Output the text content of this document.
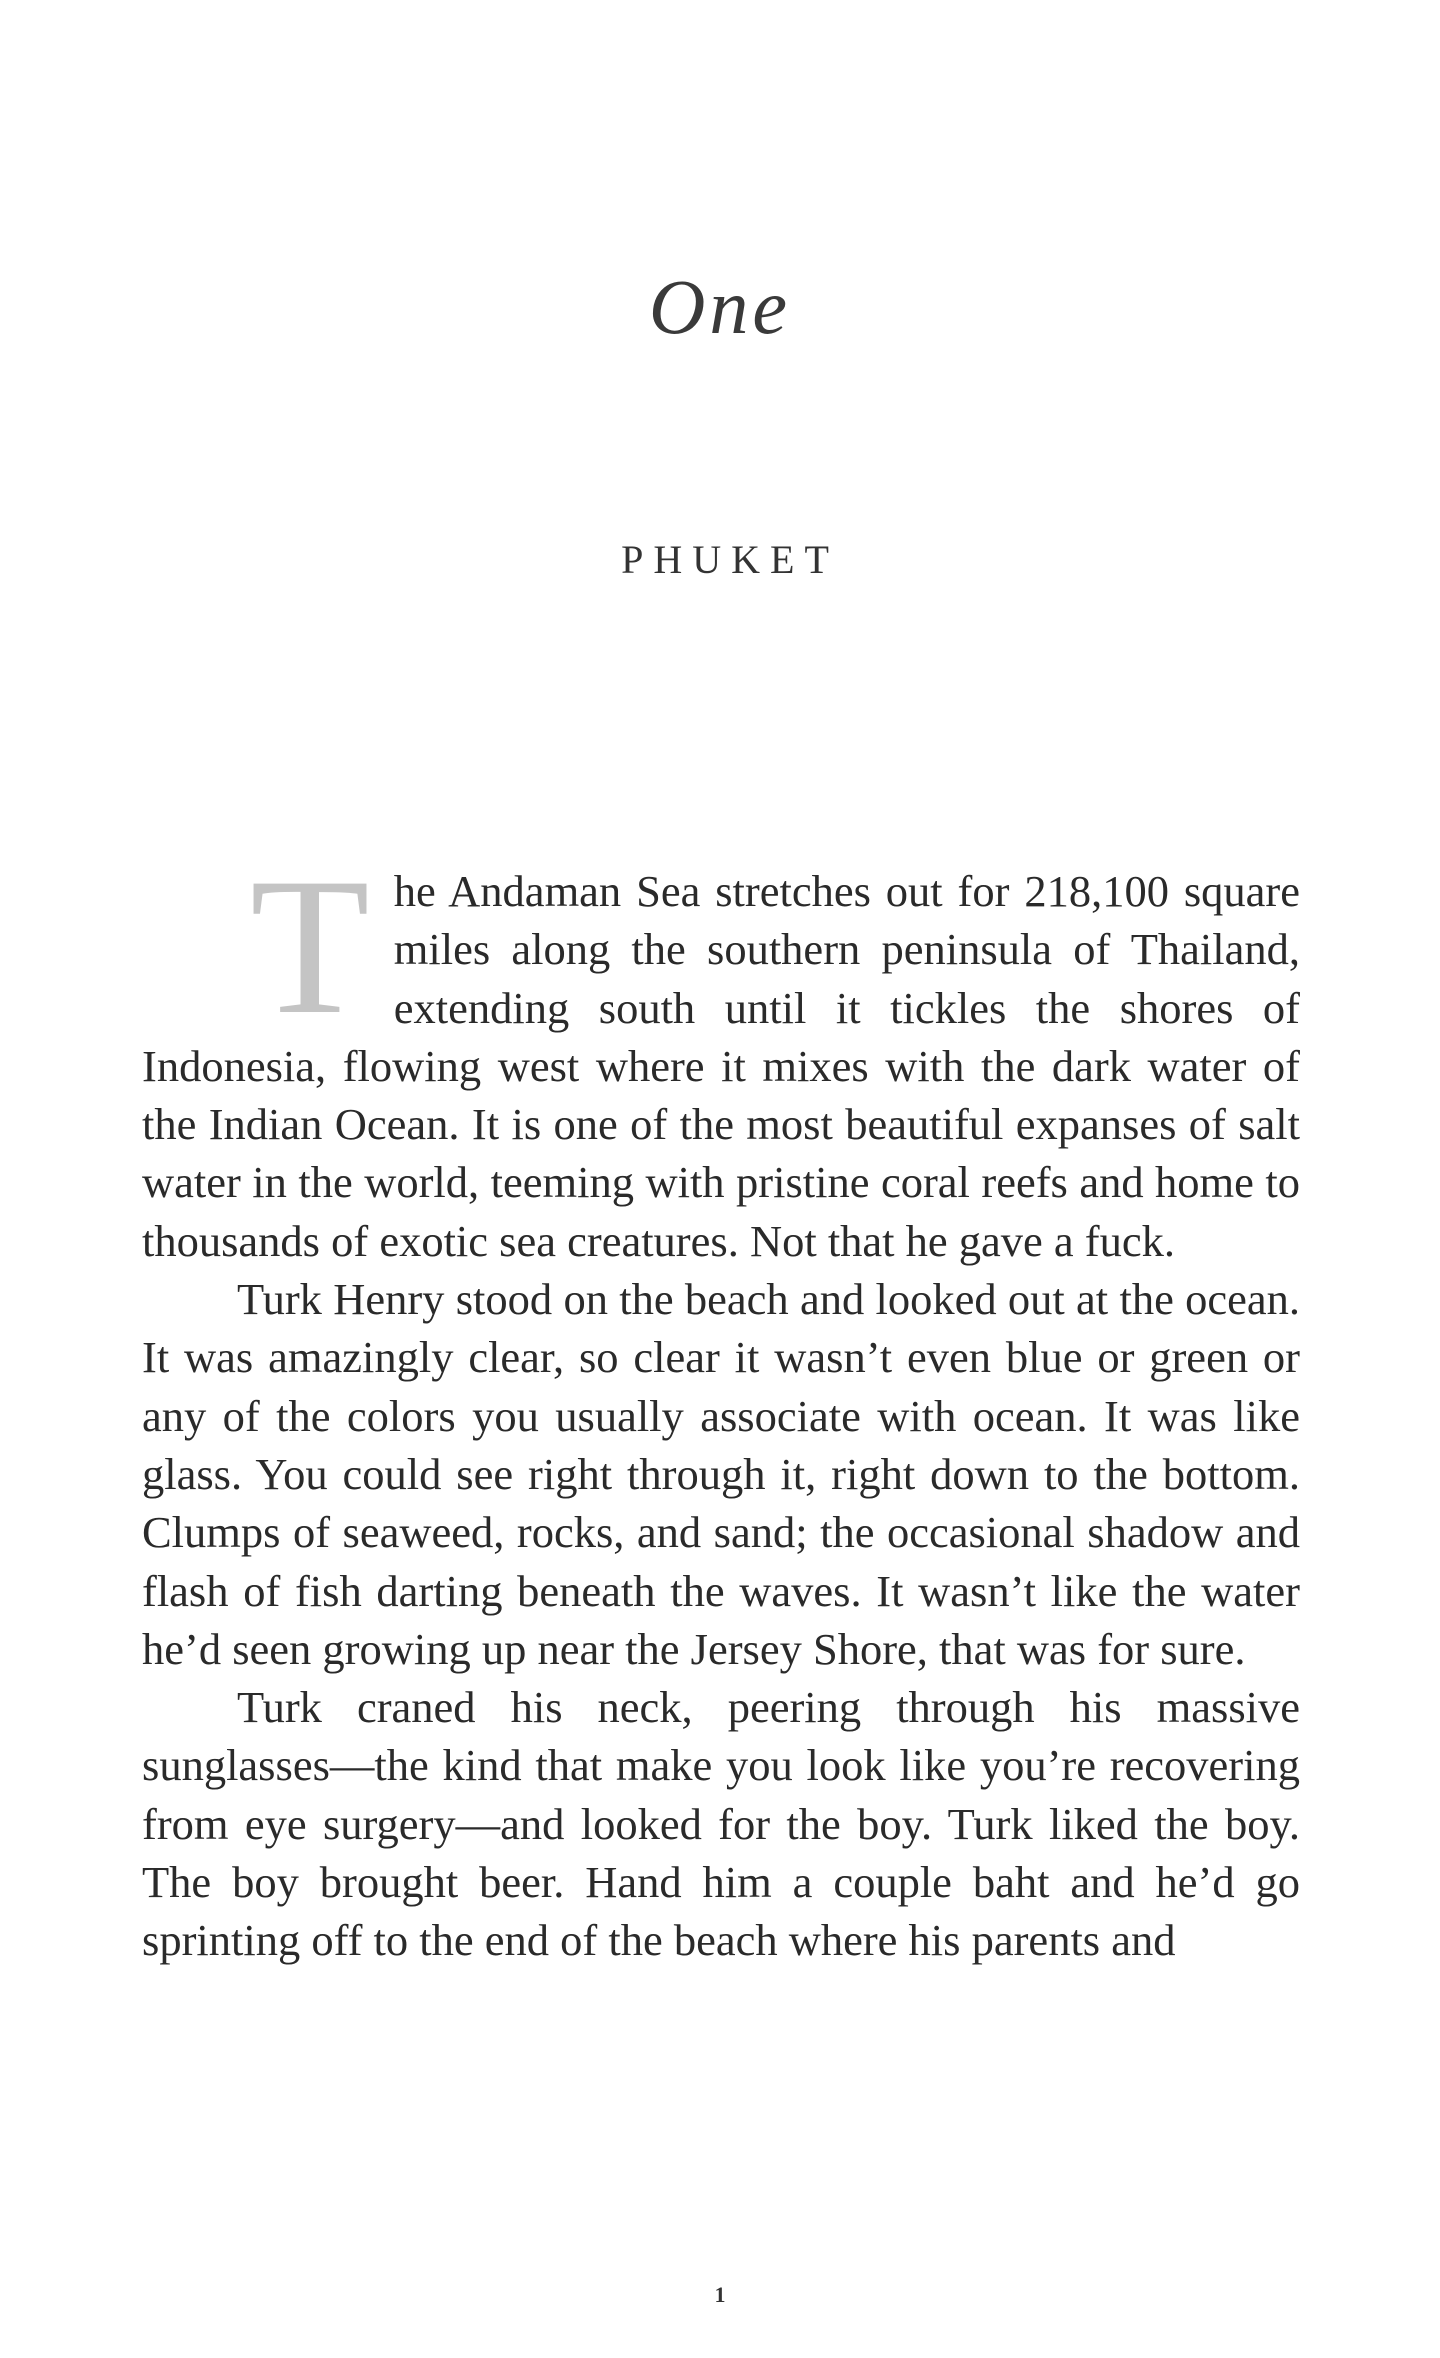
One
PHUKET
T he Andaman Sea stretches out for 218,100 square miles along the southern peninsula of Thailand, extending south until it tickles the shores of Indonesia, flowing west where it mixes with the dark water of the Indian Ocean. It is one of the most beautiful expanses of salt water in the world, teeming with pristine coral reefs and home to thousands of exotic sea creatures. Not that he gave a fuck.

Turk Henry stood on the beach and looked out at the ocean. It was amazingly clear, so clear it wasn’t even blue or green or any of the colors you usually associate with ocean. It was like glass. You could see right through it, right down to the bottom. Clumps of seaweed, rocks, and sand; the occasional shadow and flash of fish darting beneath the waves. It wasn’t like the water he’d seen growing up near the Jersey Shore, that was for sure.

Turk craned his neck, peering through his massive sunglasses—the kind that make you look like you’re recovering from eye surgery—and looked for the boy. Turk liked the boy. The boy brought beer. Hand him a couple baht and he’d go sprinting off to the end of the beach where his parents and

1
